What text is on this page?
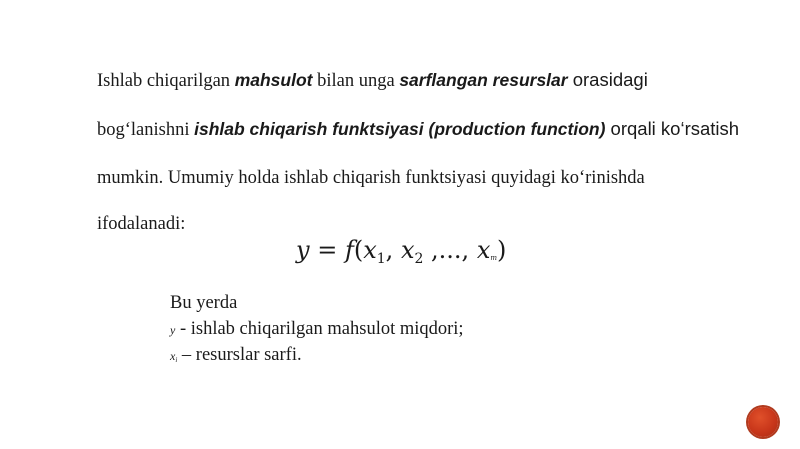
Ishlab chiqarilgan mahsulot bilan unga sarflangan resurslar orasidagi
bog‘lanishni ishlab chiqarish funktsiyasi (production function) orqali ko‘rsatish
mumkin. Umumiy holda ishlab chiqarish funktsiyasi quyidagi ko‘rinishda
ifodalanadi:
$y = f(x_1$, $x_2$ ,..., $x_m$)
Bu yerda
y - ishlab chiqarilgan mahsulot miqdori;
$x_i$ – resurslar sarfi.
